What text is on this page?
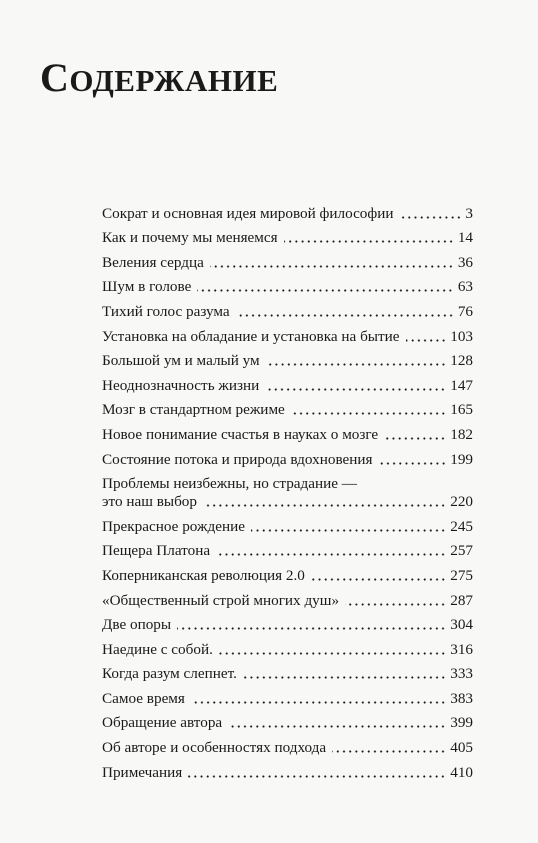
СОДЕРЖАНИЕ
Сократ и основная идея мировой философии	3
Как и почему мы меняемся	14
Веления сердца	36
Шум в голове	63
Тихий голос разума	76
Установка на обладание и установка на бытие	103
Большой ум и малый ум	128
Неоднозначность жизни	147
Мозг в стандартном режиме	165
Новое понимание счастья в науках о мозге	182
Состояние потока и природа вдохновения	199
Проблемы неизбежны, но страдание —
это наш выбор	220
Прекрасное рождение	245
Пещера Платона	257
Коперниканская революция 2.0	275
«Общественный строй многих душ»	287
Две опоры	304
Наедине с собой.	316
Когда разум слепнет.	333
Самое время	383
Обращение автора	399
Об авторе и особенностях подхода	405
Примечания	410
